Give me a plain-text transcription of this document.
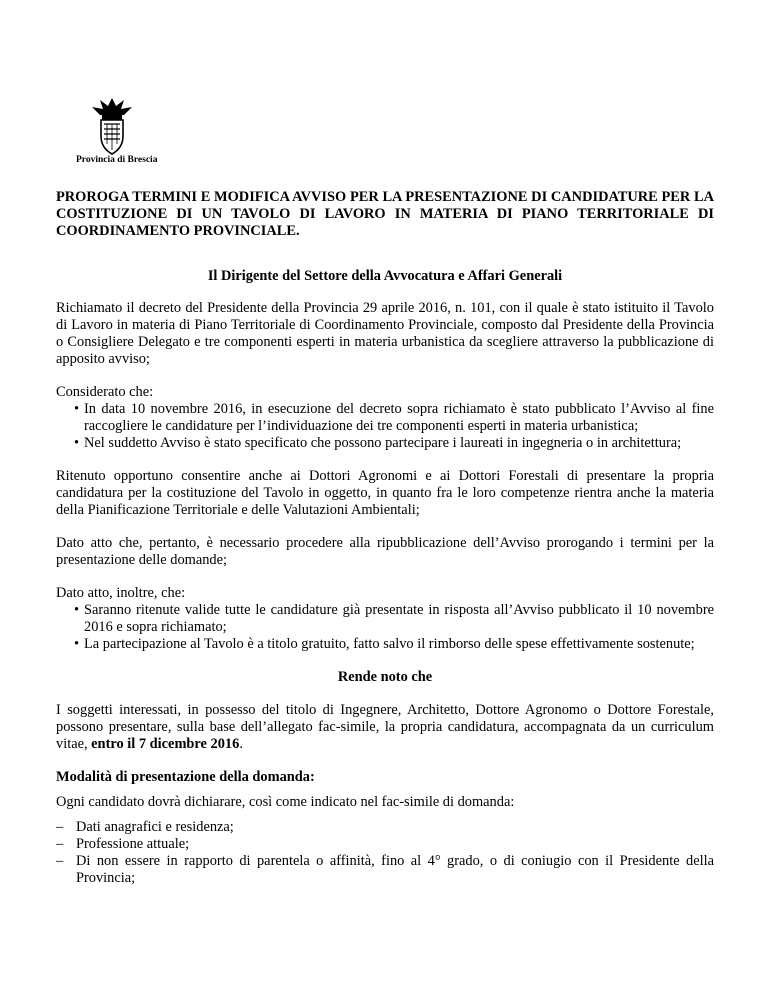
Provincia di Brescia
PROROGA TERMINI E MODIFICA AVVISO PER LA PRESENTAZIONE DI CANDIDATURE PER LA COSTITUZIONE DI UN TAVOLO DI LAVORO IN MATERIA DI PIANO TERRITORIALE DI COORDINAMENTO PROVINCIALE.
Il Dirigente del Settore della Avvocatura e Affari Generali

Richiamato il decreto del Presidente della Provincia 29 aprile 2016, n. 101, con il quale è stato istituito il Tavolo di Lavoro in materia di Piano Territoriale di Coordinamento Provinciale, composto dal Presidente della Provincia o Consigliere Delegato e tre componenti esperti in materia urbanistica da scegliere attraverso la pubblicazione di apposito avviso;

Considerato che:

• In data 10 novembre 2016, in esecuzione del decreto sopra richiamato è stato pubblicato l’Avviso al fine raccogliere le candidature per l’individuazione dei tre componenti esperti in materia urbanistica;
• Nel suddetto Avviso è stato specificato che possono partecipare i laureati in ingegneria o in architettura;

Ritenuto opportuno consentire anche ai Dottori Agronomi e ai Dottori Forestali di presentare la propria candidatura per la costituzione del Tavolo in oggetto, in quanto fra le loro competenze rientra anche la materia della Pianificazione Territoriale e delle Valutazioni Ambientali;

Dato atto che, pertanto, è necessario procedere alla ripubblicazione dell’Avviso prorogando i termini per la presentazione delle domande;

Dato atto, inoltre, che:

• Saranno ritenute valide tutte le candidature già presentate in risposta all’Avviso pubblicato il 10 novembre 2016 e sopra richiamato;
• La partecipazione al Tavolo è a titolo gratuito, fatto salvo il rimborso delle spese effettivamente sostenute;
Rende noto che

I soggetti interessati, in possesso del titolo di Ingegnere, Architetto, Dottore Agronomo o Dottore Forestale, possono presentare, sulla base dell’allegato fac-simile, la propria candidatura, accompagnata da un curriculum vitae, entro il 7 dicembre 2016.

Modalità di presentazione della domanda:

Ogni candidato dovrà dichiarare, così come indicato nel fac-simile di domanda:

– Dati anagrafici e residenza;
– Professione attuale;
– Di non essere in rapporto di parentela o affinità, fino al 4° grado, o di coniugio con il Presidente della Provincia;
